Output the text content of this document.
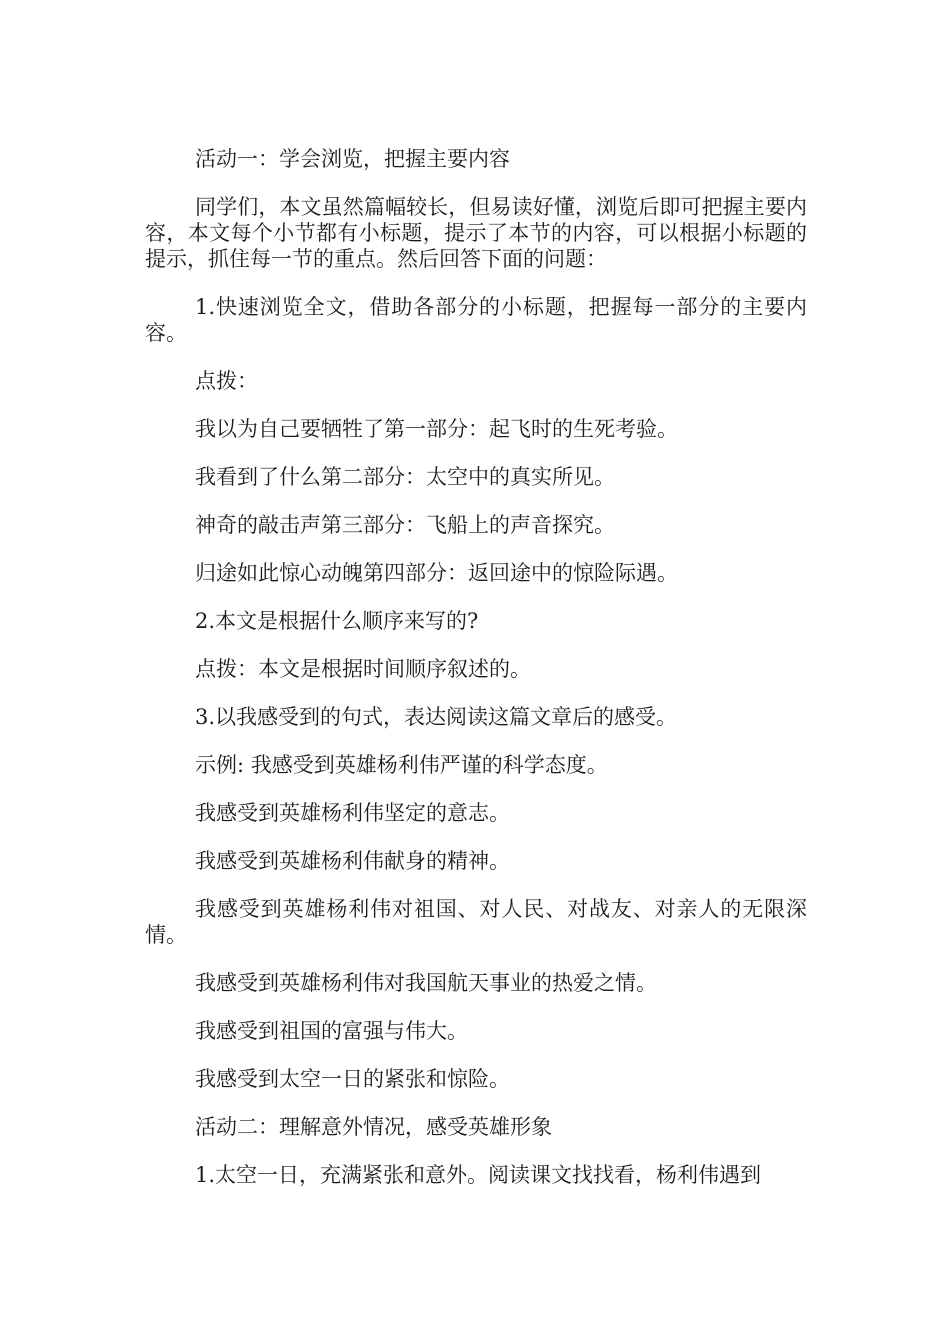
活动一：学会浏览，把握主要内容

同学们，本文虽然篇幅较长，但易读好懂，浏览后即可把握主要内容，本文每个小节都有小标题，提示了本节的内容，可以根据小标题的提示，抓住每一节的重点。然后回答下面的问题：

1.快速浏览全文，借助各部分的小标题，把握每一部分的主要内容。

点拨：

我以为自己要牺牲了第一部分：起飞时的生死考验。

我看到了什么第二部分：太空中的真实所见。

神奇的敲击声第三部分：飞船上的声音探究。

归途如此惊心动魄第四部分：返回途中的惊险际遇。

2.本文是根据什么顺序来写的?

点拨：本文是根据时间顺序叙述的。

3.以我感受到的句式，表达阅读这篇文章后的感受。

示例: 我感受到英雄杨利伟严谨的科学态度。

我感受到英雄杨利伟坚定的意志。

我感受到英雄杨利伟献身的精神。

我感受到英雄杨利伟对祖国、对人民、对战友、对亲人的无限深情。

我感受到英雄杨利伟对我国航天事业的热爱之情。

我感受到祖国的富强与伟大。

我感受到太空一日的紧张和惊险。

活动二：理解意外情况，感受英雄形象

1.太空一日，充满紧张和意外。阅读课文找找看，杨利伟遇到
